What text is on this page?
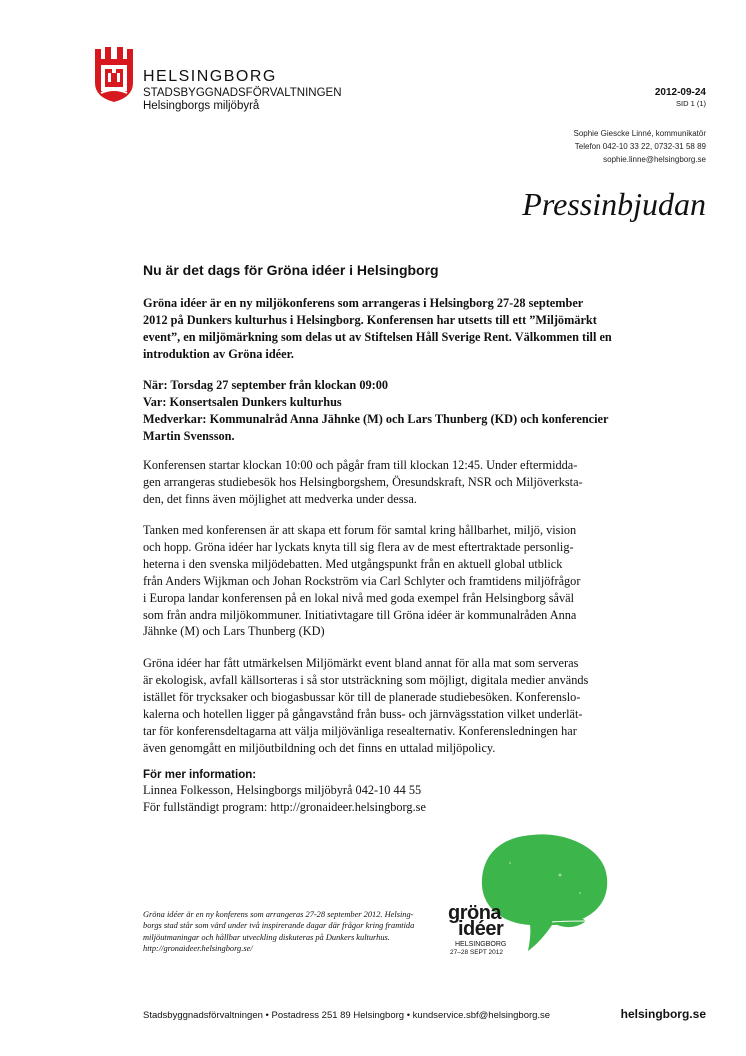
HELSINGBORG
STADSBYGGNADSFÖRVALTNINGEN
Helsingborgs miljöbyrå
2012-09-24
SID 1 (1)
Sophie Giescke Linné, kommunikatör
Telefon 042-10 33 22, 0732-31 58 89
sophie.linne@helsingborg.se
Pressinbjudan
Nu är det dags för Gröna idéer i Helsingborg
Gröna idéer är en ny miljökonferens som arrangeras i Helsingborg 27-28 september
2012 på Dunkers kulturhus i Helsingborg. Konferensen har utsetts till ett ”Miljömärkt
event”, en miljömärkning som delas ut av Stiftelsen Håll Sverige Rent. Välkommen till en
introduktion av Gröna idéer.
När: Torsdag 27 september från klockan 09:00
Var: Konsertsalen Dunkers kulturhus
Medverkar: Kommunalråd Anna Jähnke (M) och Lars Thunberg (KD) och konferencier
Martin Svensson.
Konferensen startar klockan 10:00 och pågår fram till klockan 12:45. Under eftermidda-
gen arrangeras studiebesök hos Helsingborgshem, Öresundskraft, NSR och Miljöverksta-
den, det finns även möjlighet att medverka under dessa.
Tanken med konferensen är att skapa ett forum för samtal kring hållbarhet, miljö, vision
och hopp. Gröna idéer har lyckats knyta till sig flera av de mest eftertraktade personlig-
heterna i den svenska miljödebatten. Med utgångspunkt från en aktuell global utblick
från Anders Wijkman och Johan Rockström via Carl Schlyter och framtidens miljöfrågor
i Europa landar konferensen på en lokal nivå med goda exempel från Helsingborg såväl
som från andra miljökommuner. Initiativtagare till Gröna idéer är kommunalråden Anna
Jähnke (M) och Lars Thunberg (KD)
Gröna idéer har fått utmärkelsen Miljömärkt event bland annat för alla mat som serveras
är ekologisk, avfall källsorteras i så stor utsträckning som möjligt, digitala medier används
istället för trycksaker och biogasbussar kör till de planerade studiebesöken. Konferenslo-
kalerna och hotellen ligger på gångavstånd från buss- och järnvägsstation vilket underlät-
tar för konferensdeltagarna att välja miljövänliga resealternativ. Konferensledningen har
även genomgått en miljöutbildning och det finns en uttalad miljöpolicy.
För mer information:
Linnea Folkesson, Helsingborgs miljöbyrå 042-10 44 55
För fullständigt program: http://gronaideer.helsingborg.se
Gröna idéer är en ny konferens som arrangeras 27-28 september 2012. Helsing-
borgs stad står som värd under två inspirerande dagar där frågor kring framtida
miljöutmaningar och hållbar utveckling diskuteras på Dunkers kulturhus.
http://gronaideer.helsingborg.se/
gröna
idéer
HELSINGBORG
27–28 SEPT 2012
Stadsbyggnadsförvaltningen • Postadress 251 89 Helsingborg • kundservice.sbf@helsingborg.se	helsingborg.se
